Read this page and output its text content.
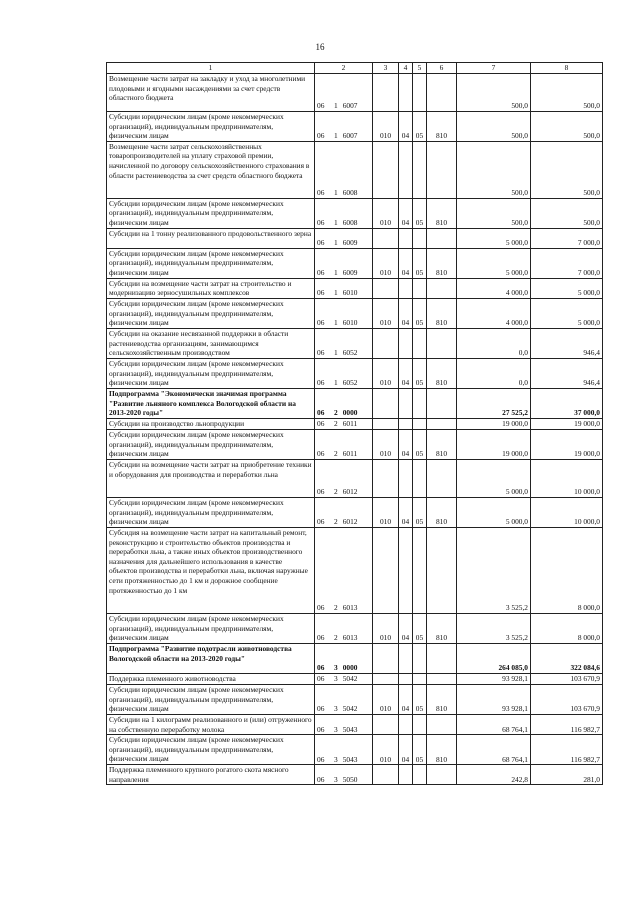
16
1	2	3	4	5	6	7	8
Возмещение части затрат на закладку и уход за многолетними плодовыми и ягодными насаждениями за счет средств областного бюджета	06 1 6007					500,0	500,0
Субсидии юридическим лицам (кроме некоммерческих организаций), индивидуальным предпринимателям, физическим лицам	06 1 6007	010	04	05	810	500,0	500,0
Возмещение части затрат сельскохозяйственных товаропроизводителей на уплату страховой премии, начисленной по договору сельскохозяйственного страхования в области растениеводства за счет средств областного бюджета	06 1 6008					500,0	500,0
Субсидии юридическим лицам (кроме некоммерческих организаций), индивидуальным предпринимателям, физическим лицам	06 1 6008	010	04	05	810	500,0	500,0
Субсидии на 1 тонну реализованного продовольственного зерна	06 1 6009					5 000,0	7 000,0
Субсидии юридическим лицам (кроме некоммерческих организаций), индивидуальным предпринимателям, физическим лицам	06 1 6009	010	04	05	810	5 000,0	7 000,0
Субсидии на возмещение части затрат на строительство и модернизацию зерносушильных комплексов	06 1 6010					4 000,0	5 000,0
Субсидии юридическим лицам (кроме некоммерческих организаций), индивидуальным предпринимателям, физическим лицам	06 1 6010	010	04	05	810	4 000,0	5 000,0
Субсидии на оказание несвязанной поддержки в области растениеводства организациям, занимающимся сельскохозяйственным производством	06 1 6052					0,0	946,4
Субсидии юридическим лицам (кроме некоммерческих организаций), индивидуальным предпринимателям, физическим лицам	06 1 6052	010	04	05	810	0,0	946,4
Подпрограмма "Экономически значимая программа "Развитие льняного комплекса Вологодской области на 2013-2020 годы"	06 2 0000					27 525,2	37 000,0
Субсидии на производство льнопродукции	06 2 6011					19 000,0	19 000,0
Субсидии юридическим лицам (кроме некоммерческих организаций), индивидуальным предпринимателям, физическим лицам	06 2 6011	010	04	05	810	19 000,0	19 000,0
Субсидии на возмещение части затрат на приобретение техники и оборудования для производства и переработки льна	06 2 6012					5 000,0	10 000,0
Субсидии юридическим лицам (кроме некоммерческих организаций), индивидуальным предпринимателям, физическим лицам	06 2 6012	010	04	05	810	5 000,0	10 000,0
Субсидия на возмещение части затрат на капитальный ремонт, реконструкцию и строительство объектов производства и переработки льна, а также иных объектов производственного назначения для дальнейшего использования в качестве объектов производства и переработки льна, включая наружные сети протяженностью до 1 км и дорожное сообщение протяженностью до 1 км	06 2 6013					3 525,2	8 000,0
Субсидии юридическим лицам (кроме некоммерческих организаций), индивидуальным предпринимателям, физическим лицам	06 2 6013	010	04	05	810	3 525,2	8 000,0
Подпрограмма "Развитие подотрасли животноводства Вологодской области на 2013-2020 годы"	06 3 0000					264 085,0	322 084,6
Поддержка племенного животноводства	06 3 5042					93 928,1	103 670,9
Субсидии юридическим лицам (кроме некоммерческих организаций), индивидуальным предпринимателям, физическим лицам	06 3 5042	010	04	05	810	93 928,1	103 670,9
Субсидии на 1 килограмм реализованного и (или) отгруженного на собственную переработку молока	06 3 5043					68 764,1	116 982,7
Субсидии юридическим лицам (кроме некоммерческих организаций), индивидуальным предпринимателям, физическим лицам	06 3 5043	010	04	05	810	68 764,1	116 982,7
Поддержка племенного крупного рогатого скота мясного направления	06 3 5050					242,8	281,0
